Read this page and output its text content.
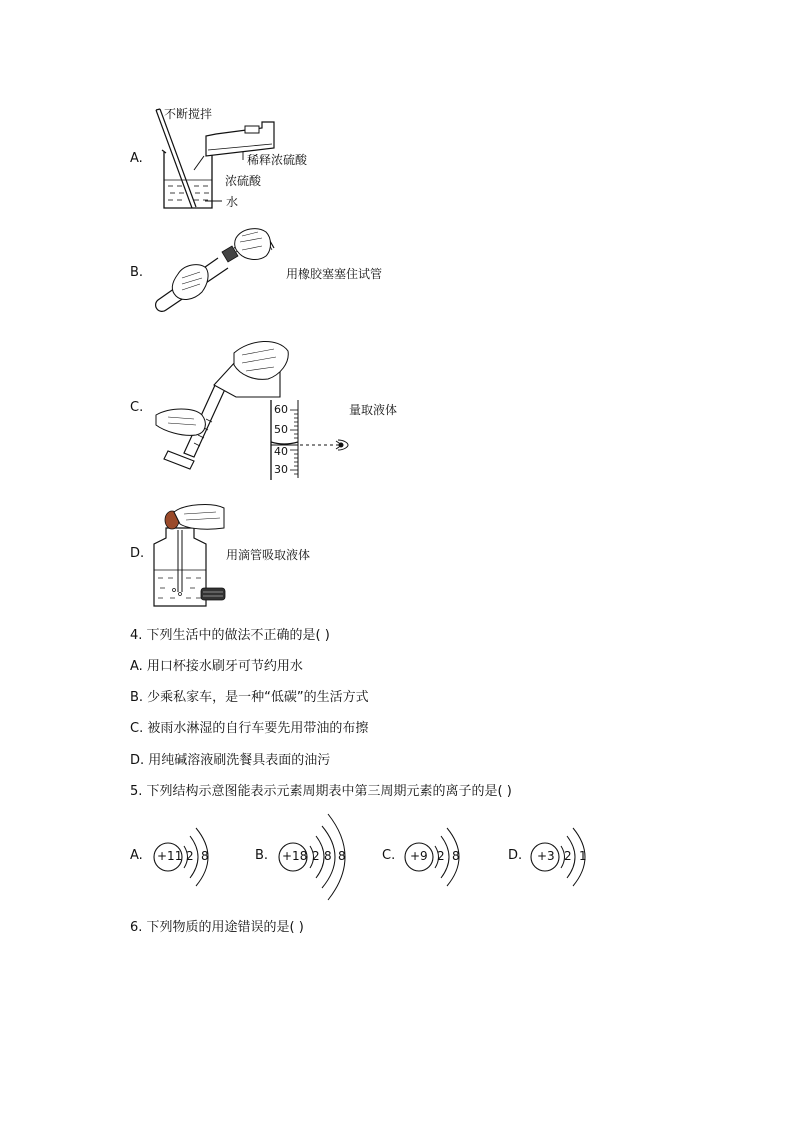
A.
不断搅拌
稀释浓硫酸
浓硫酸
水
B.	用橡胶塞塞住试管
C.	60
50
40
30
量取液体
D.	用滴管吸取液体
4. 下列生活中的做法不正确的是( )
A. 用口杯接水刷牙可节约用水
B. 少乘私家车，是一种“低碳”的生活方式
C. 被雨水淋湿的自行车要先用带油的布擦
D. 用纯碱溶液刷洗餐具表面的油污
5. 下列结构示意图能表示元素周期表中第三周期元素的离子的是( )
A. +11 2 8	B. +18 2 8 8	C. +9 2 8	D. +3 2 1
6. 下列物质的用途错误的是( )
